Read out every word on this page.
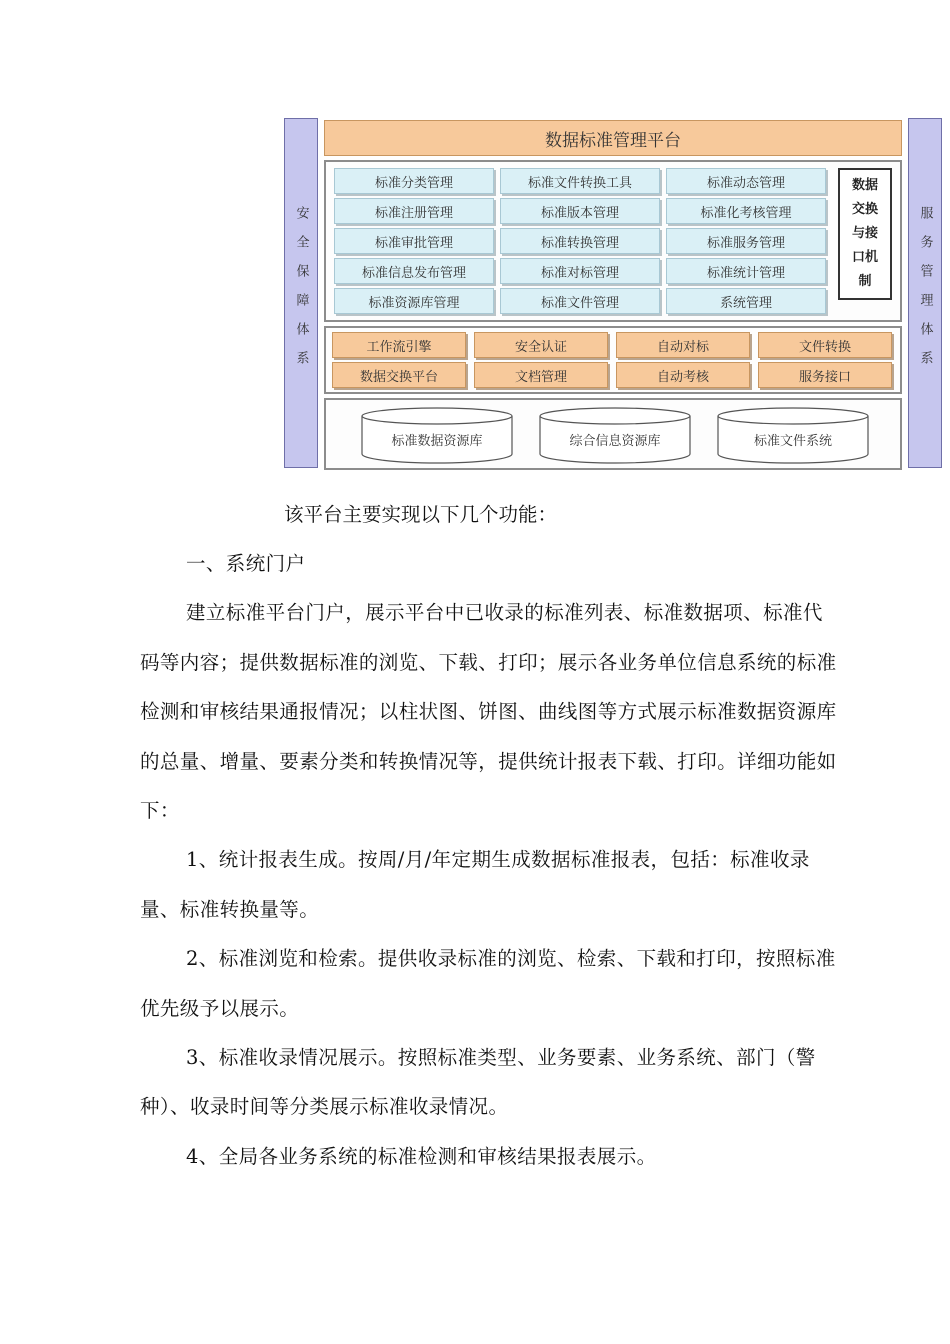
安全保障体系	服务管理体系
数据标准管理平台
数据交换与接口机制
标准分类管理	标准文件转换工具	标准动态管理
标准注册管理	标准版本管理	标准化考核管理
标准审批管理	标准转换管理	标准服务管理
标准信息发布管理	标准对标管理	标准统计管理
标准资源库管理	标准文件管理	系统管理
工作流引擎	安全认证	自动对标	文件转换
数据交换平台	文档管理	自动考核	服务接口
标准数据资源库	综合信息资源库	标准文件系统
该平台主要实现以下几个功能：

一、系统门户

建立标准平台门户，展示平台中已收录的标准列表、标准数据项、标准代码等内容；提供数据标准的浏览、下载、打印；展示各业务单位信息系统的标准检测和审核结果通报情况；以柱状图、饼图、曲线图等方式展示标准数据资源库的总量、增量、要素分类和转换情况等，提供统计报表下载、打印。详细功能如下：

1、统计报表生成。按周/月/年定期生成数据标准报表，包括：标准收录量、标准转换量等。

2、标准浏览和检索。提供收录标准的浏览、检索、下载和打印，按照标准优先级予以展示。

3、标准收录情况展示。按照标准类型、业务要素、业务系统、部门（警种）、收录时间等分类展示标准收录情况。

4、全局各业务系统的标准检测和审核结果报表展示。
